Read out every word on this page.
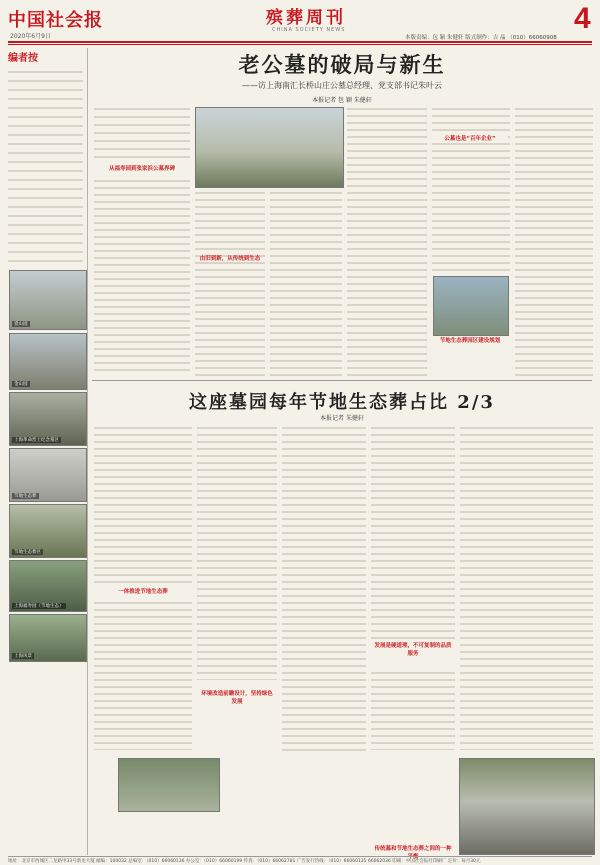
中国社会报
2020年6月9日
殡葬周刊
CHINA SOCIETY NEWS	4
本版责编：包 颖 朱健轩 版式制作：吉 晶 （010）66060908
编者按
壹山园
金山园
上海革命烈士纪念墓区
节地生态葬
节地生态葬区
上海福寿园（节地生态）
上海风景
老公墓的破局与新生
——访上海南汇长桥山庄公墓总经理、党支部书记朱叶云
本报记者 包 颖 朱健轩
从福寿园到张家浜公墓界碑
由旧到新，从传统到生态
公墓也是“百年企业”
节地生态葬园区建设规划
这座墓园每年节地生态葬占比 2/3
本报记者 朱健轩
一体推进节地生态葬
环境改造前瞻设计，坚持绿色发展
发展是硬道理，不可复制的品质服务
传统墓和节地生态葬之间的一种平衡
地址：北京市西城区二龙路甲33号新龙大厦 邮编：100032 总编室：（010）66060136 办公室：（010）66060199 传真：（010）66062781 广告发行热线：（010）66060135 66062036 印刷：中国社会报社印刷厂 定价：每月30元
